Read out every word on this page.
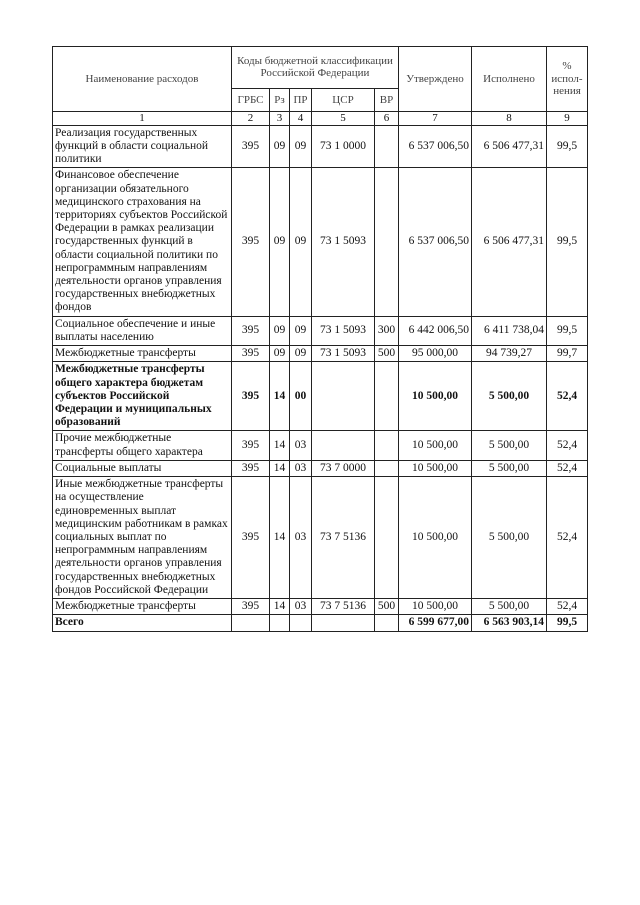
Наименование расходов	Коды бюджетной классификации Российской Федерации					Утверждено	Исполнено	% испол-нения
	ГРБС	Рз	ПР	ЦСР	ВР			
1	2	3	4	5	6	7	8	9
Реализация государственных функций в области социальной политики	395	09	09	73 1 0000		6 537 006,50	6 506 477,31	99,5
Финансовое обеспечение организации обязательного медицинского страхования на территориях субъектов Российской Федерации в рамках реализации государственных функций в области социальной политики по непрограммным направлениям деятельности органов управления государственных внебюджетных фондов	395	09	09	73 1 5093		6 537 006,50	6 506 477,31	99,5
Социальное обеспечение и иные выплаты населению	395	09	09	73 1 5093	300	6 442 006,50	6 411 738,04	99,5
Межбюджетные трансферты	395	09	09	73 1 5093	500	95 000,00	94 739,27	99,7
Межбюджетные трансферты общего характера бюджетам субъектов Российской Федерации и муниципальных образований	395	14	00			10 500,00	5 500,00	52,4
Прочие межбюджетные трансферты общего характера	395	14	03			10 500,00	5 500,00	52,4
Социальные выплаты	395	14	03	73 7 0000		10 500,00	5 500,00	52,4
Иные межбюджетные трансферты на осуществление единовременных выплат медицинским работникам в рамках социальных выплат по непрограммным направлениям деятельности органов управления государственных внебюджетных фондов Российской Федерации	395	14	03	73 7 5136		10 500,00	5 500,00	52,4
Межбюджетные трансферты	395	14	03	73 7 5136	500	10 500,00	5 500,00	52,4
Всего						6 599 677,00	6 563 903,14	99,5
